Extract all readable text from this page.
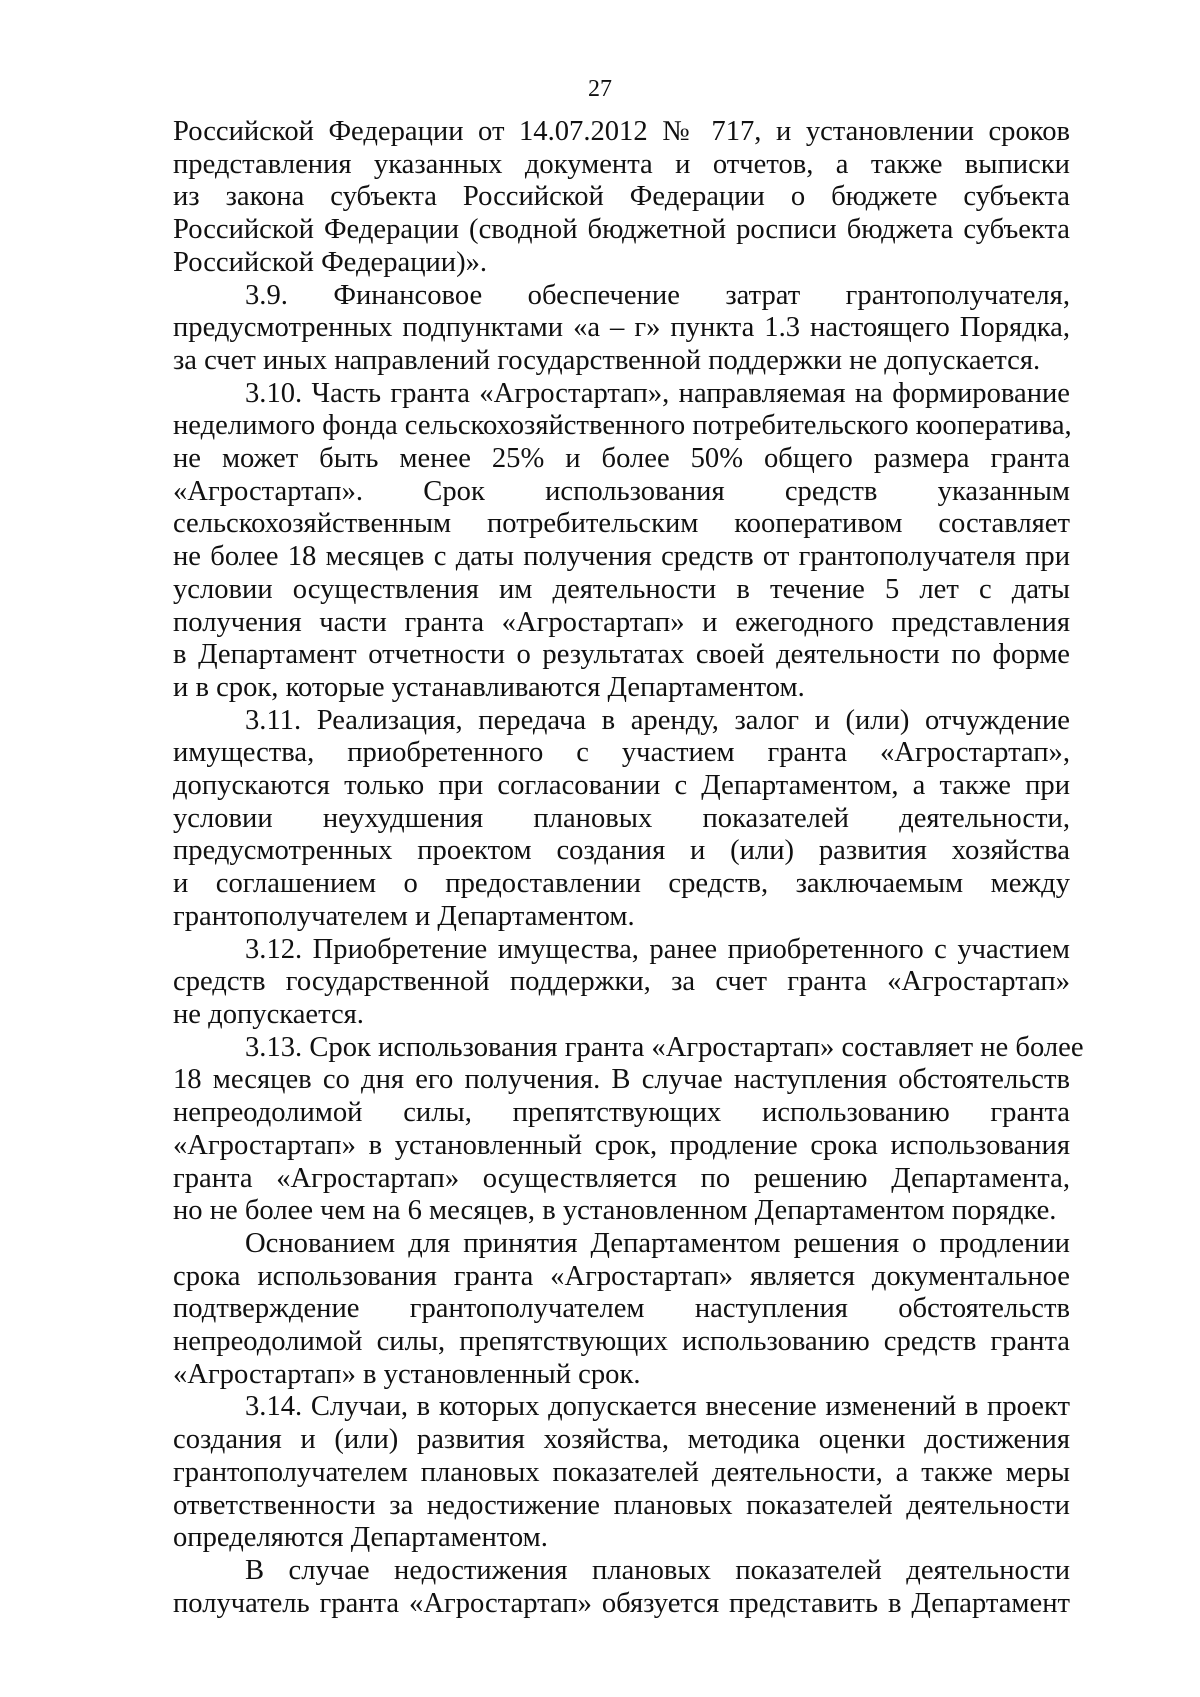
27

Российской Федерации от 14.07.2012 № 717, и установлении сроков
представления указанных документа и отчетов, а также выписки
из закона субъекта Российской Федерации о бюджете субъекта
Российской Федерации (сводной бюджетной росписи бюджета субъекта
Российской Федерации)».

3.9. Финансовое обеспечение затрат грантополучателя,
предусмотренных подпунктами «а – г» пункта 1.3 настоящего Порядка,
за счет иных направлений государственной поддержки не допускается.

3.10. Часть гранта «Агростартап», направляемая на формирование
неделимого фонда сельскохозяйственного потребительского кооператива,
не может быть менее 25% и более 50% общего размера гранта
«Агростартап». Срок использования средств указанным
сельскохозяйственным потребительским кооперативом составляет
не более 18 месяцев с даты получения средств от грантополучателя при
условии осуществления им деятельности в течение 5 лет с даты
получения части гранта «Агростартап» и ежегодного представления
в Департамент отчетности о результатах своей деятельности по форме
и в срок, которые устанавливаются Департаментом.

3.11. Реализация, передача в аренду, залог и (или) отчуждение
имущества, приобретенного с участием гранта «Агростартап»,
допускаются только при согласовании с Департаментом, а также при
условии неухудшения плановых показателей деятельности,
предусмотренных проектом создания и (или) развития хозяйства
и соглашением о предоставлении средств, заключаемым между
грантополучателем и Департаментом.

3.12. Приобретение имущества, ранее приобретенного с участием
средств государственной поддержки, за счет гранта «Агростартап»
не допускается.

3.13. Срок использования гранта «Агростартап» составляет не более
18 месяцев со дня его получения. В случае наступления обстоятельств
непреодолимой силы, препятствующих использованию гранта
«Агростартап» в установленный срок, продление срока использования
гранта «Агростартап» осуществляется по решению Департамента,
но не более чем на 6 месяцев, в установленном Департаментом порядке.

Основанием для принятия Департаментом решения о продлении
срока использования гранта «Агростартап» является документальное
подтверждение грантополучателем наступления обстоятельств
непреодолимой силы, препятствующих использованию средств гранта
«Агростартап» в установленный срок.

3.14. Случаи, в которых допускается внесение изменений в проект
создания и (или) развития хозяйства, методика оценки достижения
грантополучателем плановых показателей деятельности, а также меры
ответственности за недостижение плановых показателей деятельности
определяются Департаментом.

В случае недостижения плановых показателей деятельности
получатель гранта «Агростартап» обязуется представить в Департамент
